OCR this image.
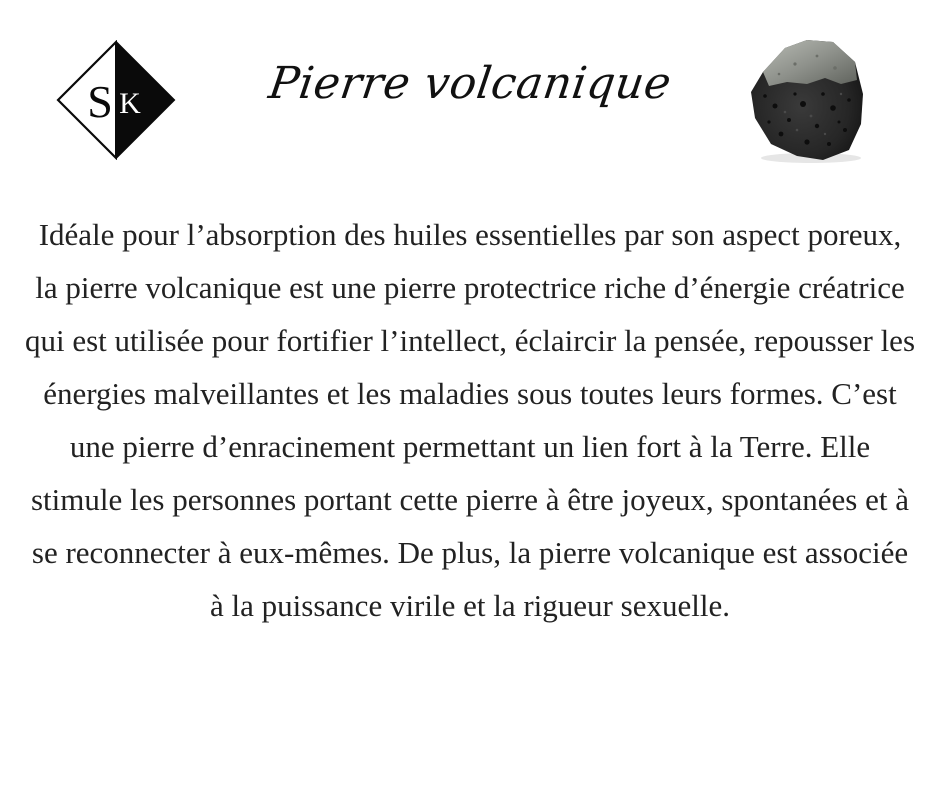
S K	Pierre volcanique

Idéale pour l’absorption des huiles essentielles par son aspect poreux, la pierre volcanique est une pierre protectrice riche d’énergie créatrice qui est utilisée pour fortifier l’intellect, éclaircir la pensée, repousser les énergies malveillantes et les maladies sous toutes leurs formes. C’est une pierre d’enracinement permettant un lien fort à la Terre. Elle stimule les personnes portant cette pierre à être joyeux, spontanées et à se reconnecter à eux-mêmes. De plus, la pierre volcanique est associée à la puissance virile et la rigueur sexuelle.
